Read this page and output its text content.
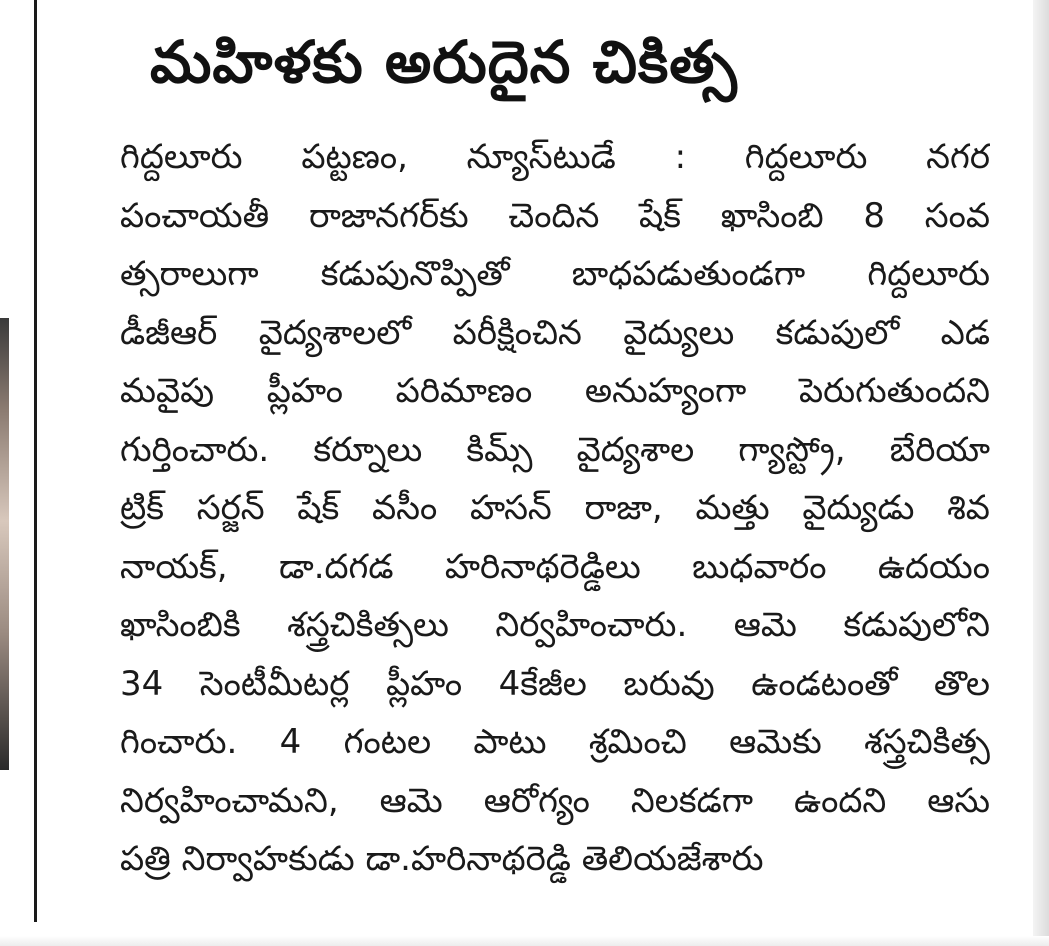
మహిళకు అరుదైన చికిత్స
గిద్దలూరు పట్టణం, న్యూస్‌టుడే : గిద్దలూరు నగర
పంచాయతీ రాజానగర్‌కు చెందిన షేక్ ఖాసింబి 8 సంవ
త్సరాలుగా కడుపునొప్పితో బాధపడుతుండగా గిద్దలూరు
డీజీఆర్ వైద్యశాలలో పరీక్షించిన వైద్యులు కడుపులో ఎడ
మవైపు ప్లీహం పరిమాణం అనుహ్యంగా పెరుగుతుందని
గుర్తించారు. కర్నూలు కిమ్స్ వైద్యశాల గ్యాస్ట్రో, బేరియా
ట్రిక్ సర్జన్ షేక్ వసీం హసన్ రాజా, మత్తు వైద్యుడు శివ
నాయక్, డా.దగడ హరినాథరెడ్డిలు బుధవారం ఉదయం
ఖాసింబికి శస్త్రచికిత్సలు నిర్వహించారు. ఆమె కడుపులోని
34 సెంటీమీటర్ల ప్లీహం 4కేజీల బరువు ఉండటంతో తొల
గించారు. 4 గంటల పాటు శ్రమించి ఆమెకు శస్త్రచికిత్స
నిర్వహించామని, ఆమె ఆరోగ్యం నిలకడగా ఉందని ఆసు
పత్రి నిర్వాహకుడు డా.హరినాథరెడ్డి తెలియజేశారు
